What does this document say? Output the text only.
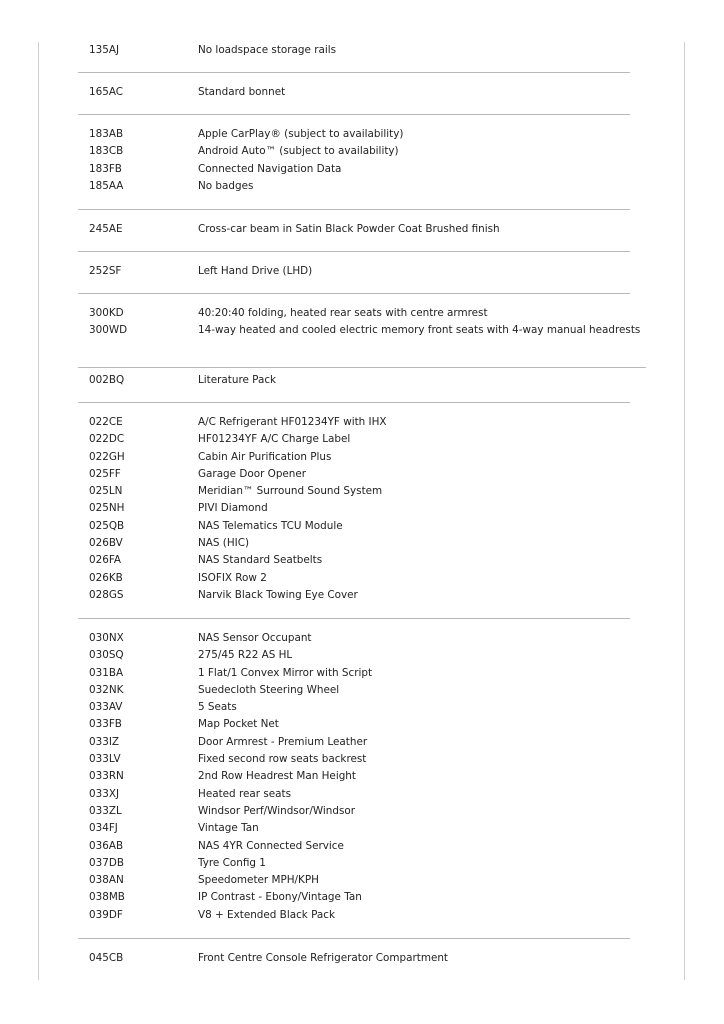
135AJ	No loadspace storage rails
165AC	Standard bonnet
183AB	Apple CarPlay® (subject to availability)
183CB	Android Auto™ (subject to availability)
183FB	Connected Navigation Data
185AA	No badges
245AE	Cross-car beam in Satin Black Powder Coat Brushed finish
252SF	Left Hand Drive (LHD)
300KD	40:20:40 folding, heated rear seats with centre armrest
300WD	14-way heated and cooled electric memory front seats with 4-way manual headrests
002BQ	Literature Pack
022CE	A/C Refrigerant HF01234YF with IHX
022DC	HF01234YF A/C Charge Label
022GH	Cabin Air Purification Plus
025FF	Garage Door Opener
025LN	Meridian™ Surround Sound System
025NH	PIVI Diamond
025QB	NAS Telematics TCU Module
026BV	NAS (HIC)
026FA	NAS Standard Seatbelts
026KB	ISOFIX Row 2
028GS	Narvik Black Towing Eye Cover
030NX	NAS Sensor Occupant
030SQ	275/45 R22 AS HL
031BA	1 Flat/1 Convex Mirror with Script
032NK	Suedecloth Steering Wheel
033AV	5 Seats
033FB	Map Pocket Net
033IZ	Door Armrest - Premium Leather
033LV	Fixed second row seats backrest
033RN	2nd Row Headrest Man Height
033XJ	Heated rear seats
033ZL	Windsor Perf/Windsor/Windsor
034FJ	Vintage Tan
036AB	NAS 4YR Connected Service
037DB	Tyre Config 1
038AN	Speedometer MPH/KPH
038MB	IP Contrast - Ebony/Vintage Tan
039DF	V8 + Extended Black Pack
045CB	Front Centre Console Refrigerator Compartment
